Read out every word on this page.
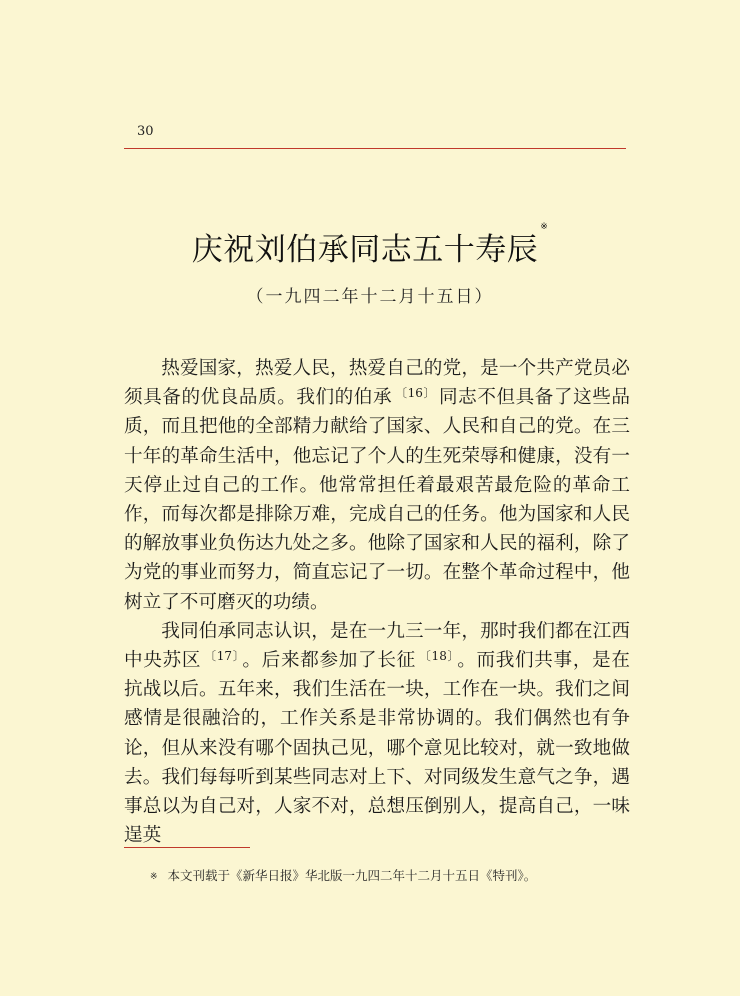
30
庆祝刘伯承同志五十寿辰※
（一九四二年十二月十五日）

热爱国家，热爱人民，热爱自己的党，是一个共产党员必须具备的优良品质。我们的伯承 $^{〔16〕}$ 同志不但具备了这些品质，而且把他的全部精力献给了国家、人民和自己的党。在三十年的革命生活中，他忘记了个人的生死荣辱和健康，没有一天停止过自己的工作。他常常担任着最艰苦最危险的革命工作，而每次都是排除万难，完成自己的任务。他为国家和人民的解放事业负伤达九处之多。他除了国家和人民的福利，除了为党的事业而努力，简直忘记了一切。在整个革命过程中，他树立了不可磨灭的功绩。

我同伯承同志认识，是在一九三一年，那时我们都在江西中央苏区 $^{〔17〕}$ 。后来都参加了长征 $^{〔18〕}$ 。而我们共事，是在抗战以后。五年来，我们生活在一块，工作在一块。我们之间感情是很融洽的，工作关系是非常协调的。我们偶然也有争论，但从来没有哪个固执己见，哪个意见比较对，就一致地做去。我们每每听到某些同志对上下、对同级发生意气之争，遇事总以为自己对，人家不对，总想压倒别人，提高自己，一味逞英

※ 本文刊载于《新华日报》华北版一九四二年十二月十五日《特刊》。
